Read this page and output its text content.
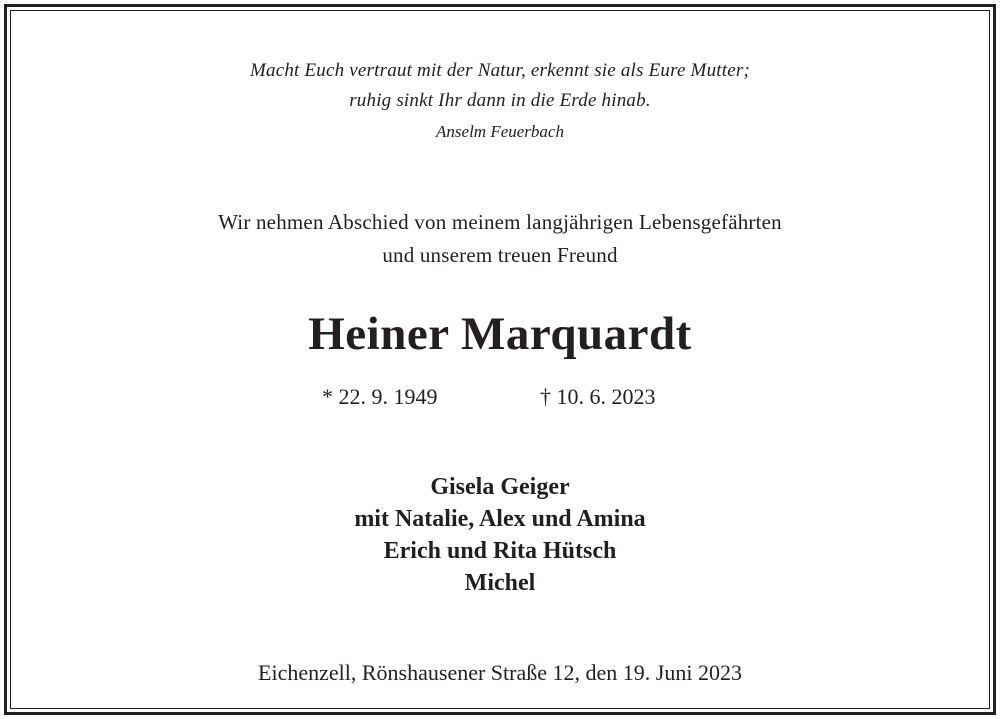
Macht Euch vertraut mit der Natur, erkennt sie als Eure Mutter;
ruhig sinkt Ihr dann in die Erde hinab.
Anselm Feuerbach
Wir nehmen Abschied von meinem langjährigen Lebensgefährten
und unserem treuen Freund
Heiner Marquardt
* 22. 9. 1949	† 10. 6. 2023
Gisela Geiger
mit Natalie, Alex und Amina
Erich und Rita Hütsch
Michel
Eichenzell, Rönshausener Straße 12, den 19. Juni 2023
